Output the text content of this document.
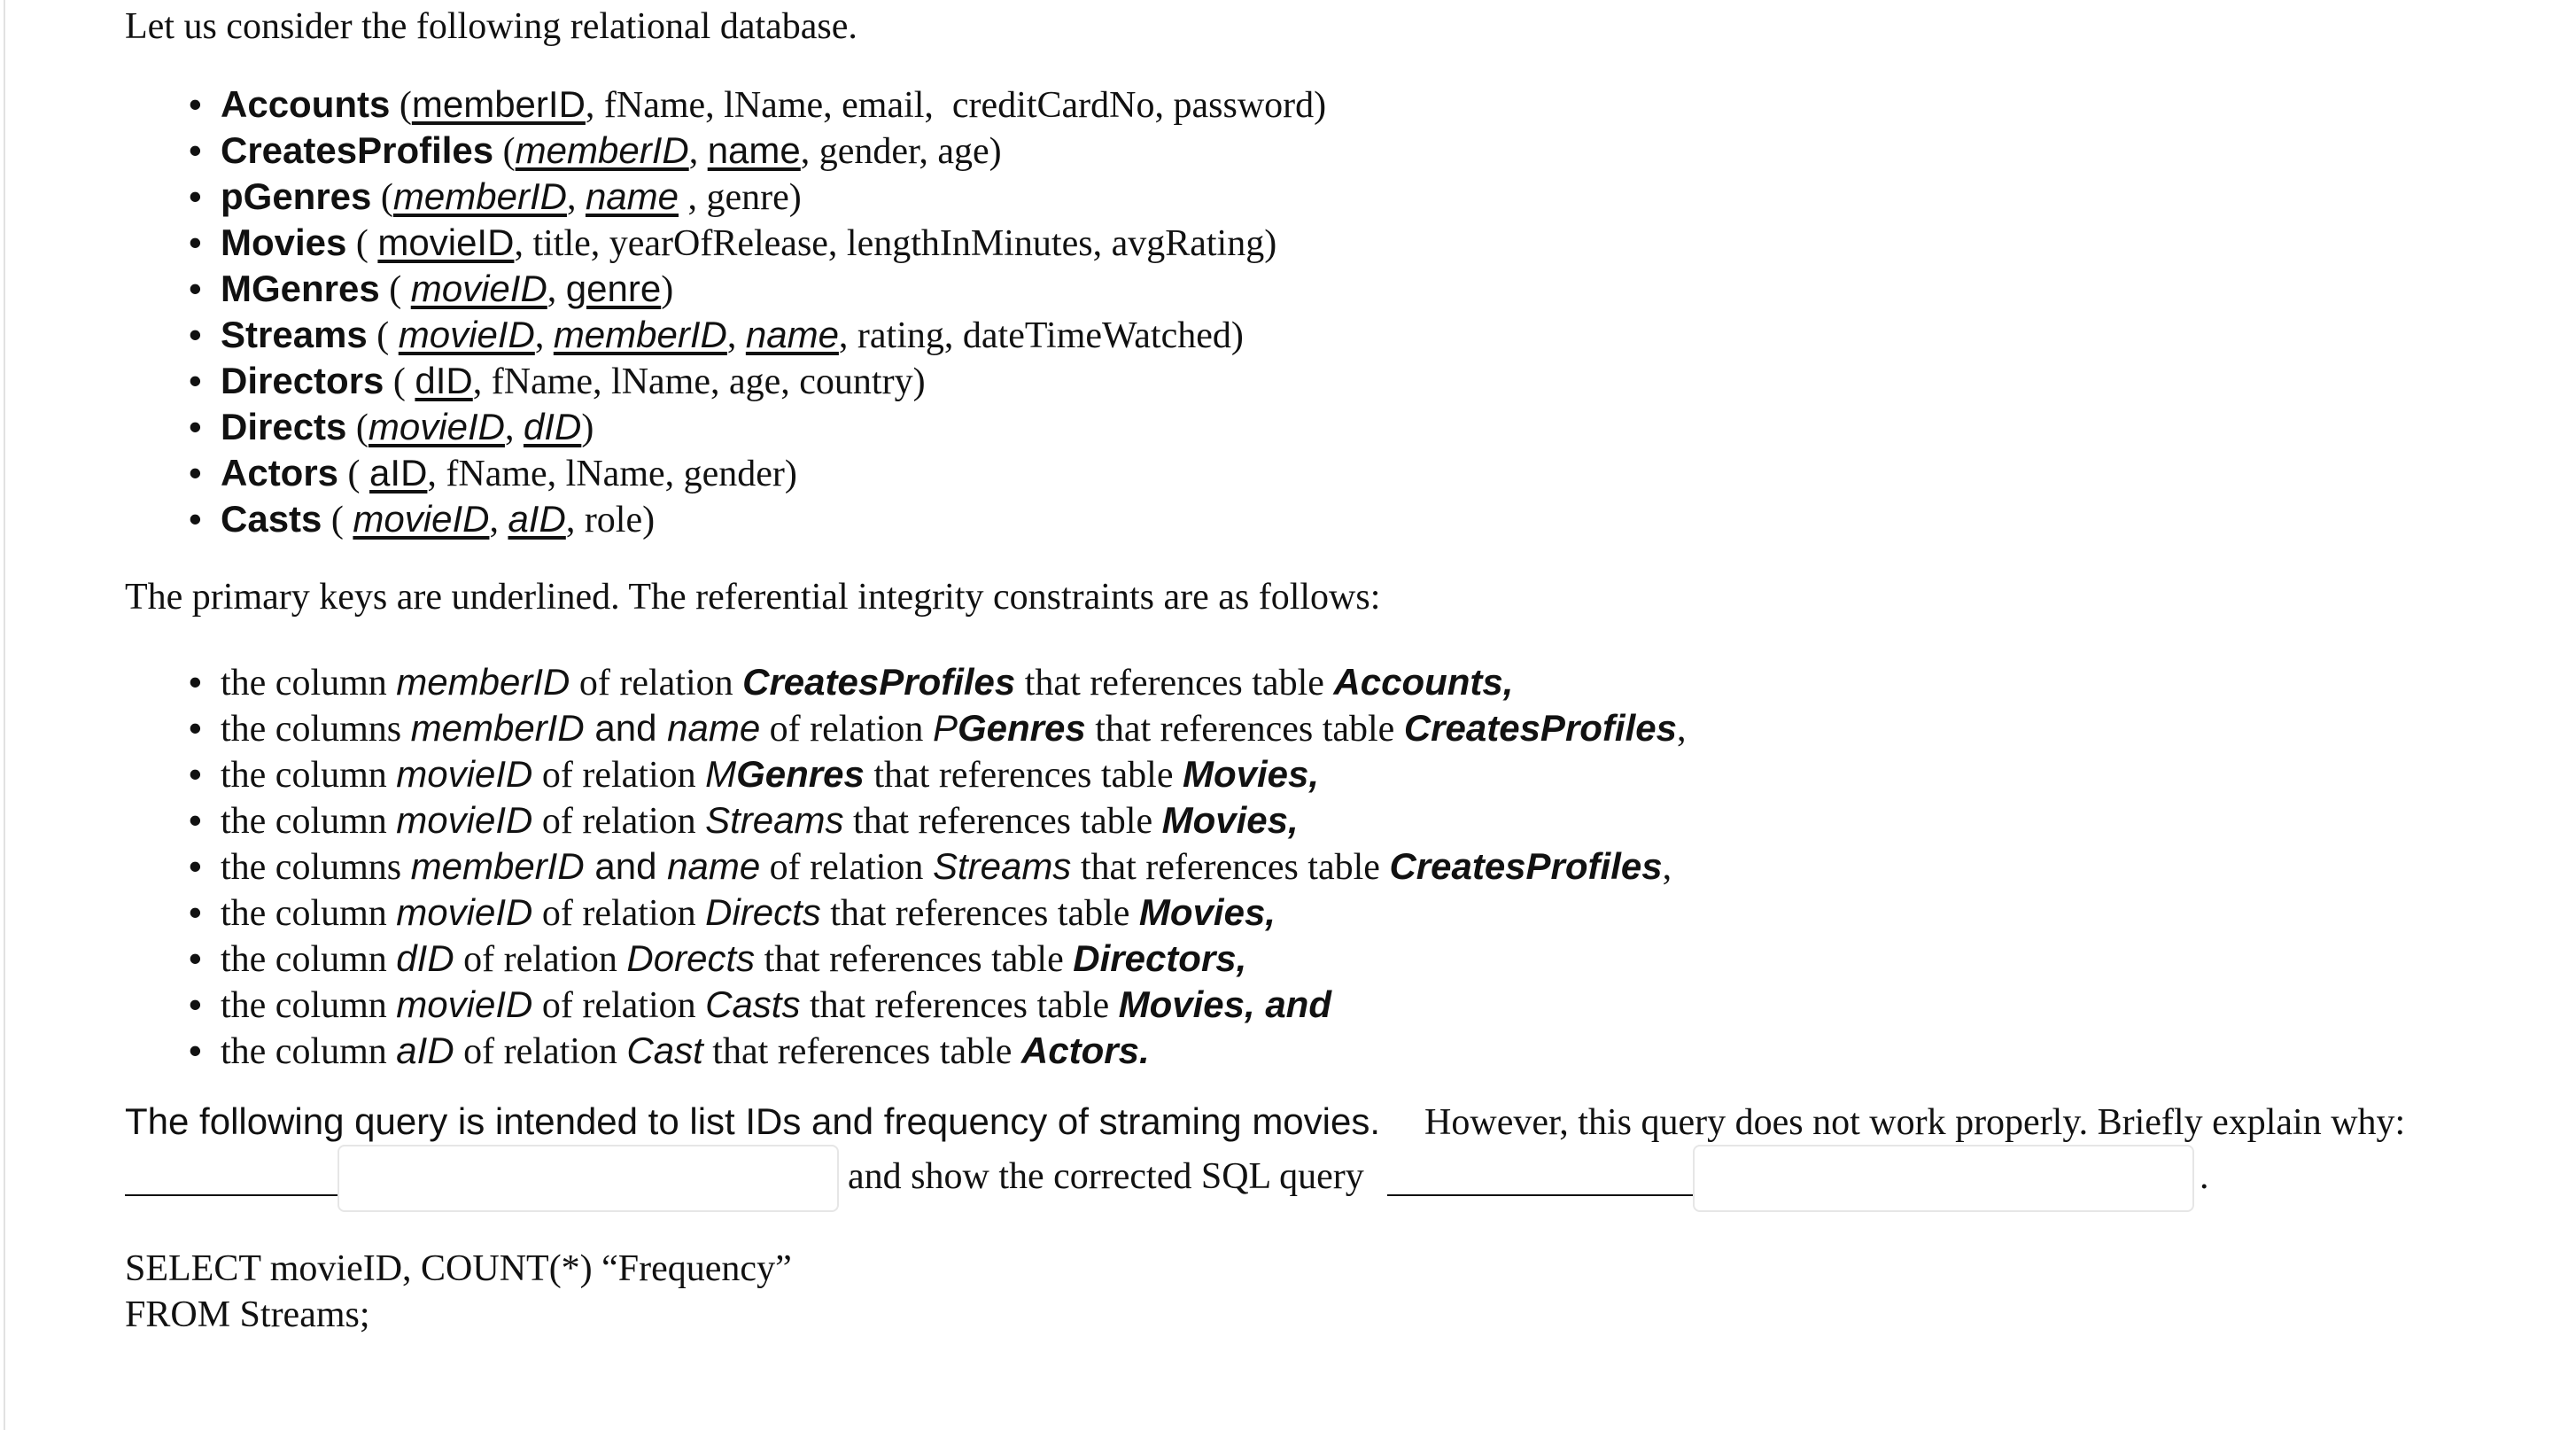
Let us consider the following relational database.
• Accounts (memberID, fName, lName, email,  creditCardNo, password)
• CreatesProfiles (memberID, name, gender, age)
• pGenres (memberID, name , genre)
• Movies ( movieID, title, yearOfRelease, lengthInMinutes, avgRating)
• MGenres ( movieID, genre)
• Streams ( movieID, memberID, name, rating, dateTimeWatched)
• Directors ( dID, fName, lName, age, country)
• Directs (movieID, dID)
• Actors ( aID, fName, lName, gender)
• Casts ( movieID, aID, role)
The primary keys are underlined. The referential integrity constraints are as follows:
• the column memberID of relation CreatesProfiles that references table Accounts,
• the columns memberID and name of relation PGenres that references table CreatesProfiles,
• the column movieID of relation MGenres that references table Movies,
• the column movieID of relation Streams that references table Movies,
• the columns memberID and name of relation Streams that references table CreatesProfiles,
• the column movieID of relation Directs that references table Movies,
• the column dID of relation Dorects that references table Directors,
• the column movieID of relation Casts that references table Movies, and
• the column aID of relation Cast that references table Actors.
The following query is intended to list IDs and frequency of straming movies. However, this query does not work properly. Briefly explain why:
and show the corrected SQL query	.
SELECT movieID, COUNT(*) “Frequency”
FROM Streams;
